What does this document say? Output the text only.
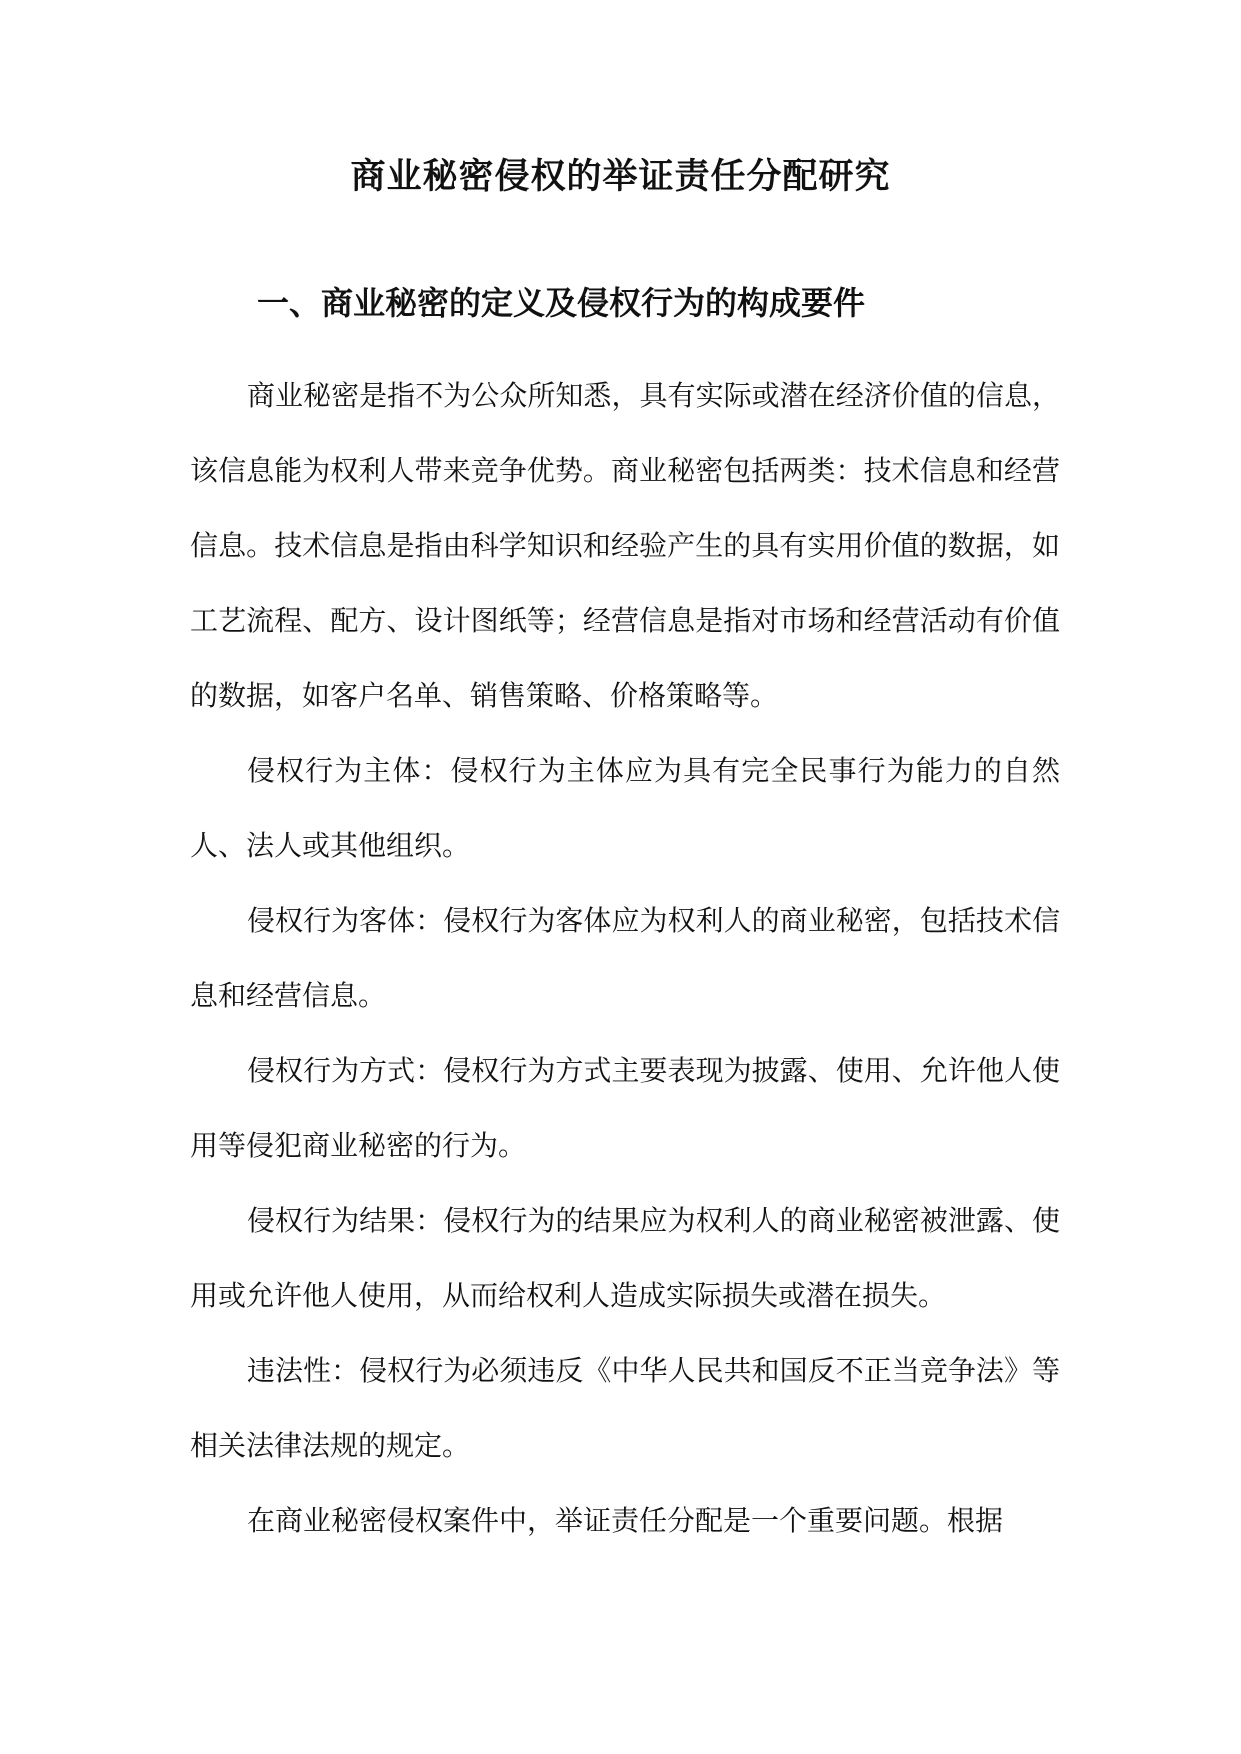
商业秘密侵权的举证责任分配研究
一、商业秘密的定义及侵权行为的构成要件

商业秘密是指不为公众所知悉，具有实际或潜在经济价值的信息，该信息能为权利人带来竞争优势。商业秘密包括两类：技术信息和经营信息。技术信息是指由科学知识和经验产生的具有实用价值的数据，如工艺流程、配方、设计图纸等；经营信息是指对市场和经营活动有价值的数据，如客户名单、销售策略、价格策略等。

侵权行为主体：侵权行为主体应为具有完全民事行为能力的自然人、法人或其他组织。

侵权行为客体：侵权行为客体应为权利人的商业秘密，包括技术信息和经营信息。

侵权行为方式：侵权行为方式主要表现为披露、使用、允许他人使用等侵犯商业秘密的行为。

侵权行为结果：侵权行为的结果应为权利人的商业秘密被泄露、使用或允许他人使用，从而给权利人造成实际损失或潜在损失。

违法性：侵权行为必须违反《中华人民共和国反不正当竞争法》等相关法律法规的规定。

在商业秘密侵权案件中，举证责任分配是一个重要问题。根据
